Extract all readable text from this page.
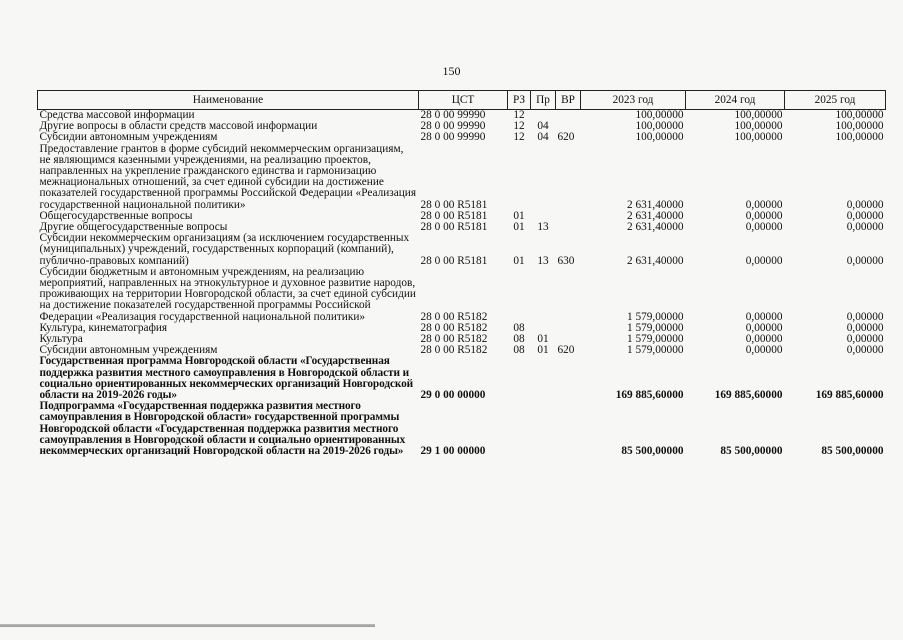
150
Наименование	ЦСТ	РЗ	Пр	ВР	2023 год	2024 год	2025 год
Средства массовой информации	28 0 00 99990	12			100,00000	100,00000	100,00000
Другие вопросы в области средств массовой информации	28 0 00 99990	12	04		100,00000	100,00000	100,00000
Субсидии автономным учреждениям	28 0 00 99990	12	04	620	100,00000	100,00000	100,00000
Предоставление грантов в форме субсидий некоммерческим организациям, не являющимся казенными учреждениями, на реализацию проектов, направленных на укрепление гражданского единства и гармонизацию межнациональных отношений, за счет единой субсидии на достижение показателей государственной программы Российской Федерации «Реализация государственной национальной политики»	28 0 00 R5181				2 631,40000	0,00000	0,00000
Общегосударственные вопросы	28 0 00 R5181	01			2 631,40000	0,00000	0,00000
Другие общегосударственные вопросы	28 0 00 R5181	01	13		2 631,40000	0,00000	0,00000
Субсидии некоммерческим организациям (за исключением государственных (муниципальных) учреждений, государственных корпораций (компаний), публично-правовых компаний)	28 0 00 R5181	01	13	630	2 631,40000	0,00000	0,00000
Субсидии бюджетным и автономным учреждениям, на реализацию мероприятий, направленных на этнокультурное и духовное развитие народов, проживающих на территории Новгородской области, за счет единой субсидии на достижение показателей государственной программы Российской Федерации «Реализация государственной национальной политики»	28 0 00 R5182				1 579,00000	0,00000	0,00000
Культура, кинематография	28 0 00 R5182	08			1 579,00000	0,00000	0,00000
Культура	28 0 00 R5182	08	01		1 579,00000	0,00000	0,00000
Субсидии автономным учреждениям	28 0 00 R5182	08	01	620	1 579,00000	0,00000	0,00000
Государственная программа Новгородской области «Государственная поддержка развития местного самоуправления в Новгородской области и социально ориентированных некоммерческих организаций Новгородской области на 2019-2026 годы»	29 0 00 00000				169 885,60000	169 885,60000	169 885,60000
Подпрограмма «Государственная поддержка развития местного самоуправления в Новгородской области» государственной программы Новгородской области «Государственная поддержка развития местного самоуправления в Новгородской области и социально ориентированных некоммерческих организаций Новгородской области на 2019-2026 годы»	29 1 00 00000				85 500,00000	85 500,00000	85 500,00000
